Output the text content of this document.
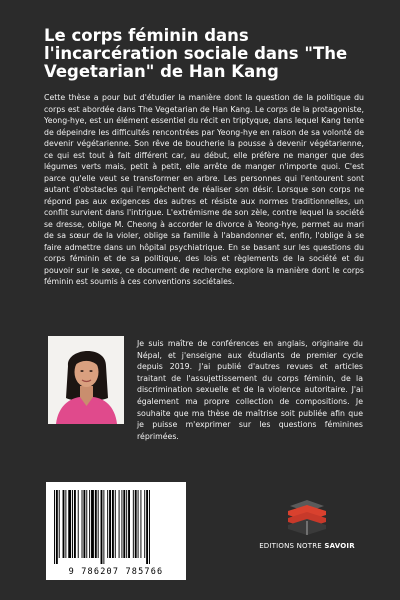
Le corps féminin dans l'incarcération sociale dans "The Vegetarian" de Han Kang

Cette thèse a pour but d'étudier la manière dont la question de la politique du corps est abordée dans The Vegetarian de Han Kang. Le corps de la protagoniste, Yeong-hye, est un élément essentiel du récit en triptyque, dans lequel Kang tente de dépeindre les difficultés rencontrées par Yeong-hye en raison de sa volonté de devenir végétarienne. Son rêve de boucherie la pousse à devenir végétarienne, ce qui est tout à fait différent car, au début, elle préfère ne manger que des légumes verts mais, petit à petit, elle arrête de manger n'importe quoi. C'est parce qu'elle veut se transformer en arbre. Les personnes qui l'entourent sont autant d'obstacles qui l'empêchent de réaliser son désir. Lorsque son corps ne répond pas aux exigences des autres et résiste aux normes traditionnelles, un conflit survient dans l'intrigue. L'extrémisme de son zèle, contre lequel la société se dresse, oblige M. Cheong à accorder le divorce à Yeong-hye, permet au mari de sa sœur de la violer, oblige sa famille à l'abandonner et, enfin, l'oblige à se faire admettre dans un hôpital psychiatrique. En se basant sur les questions du corps féminin et de sa politique, des lois et règlements de la société et du pouvoir sur le sexe, ce document de recherche explore la manière dont le corps féminin est soumis à ces conventions sociétales.

Je suis maître de conférences en anglais, originaire du Népal, et j'enseigne aux étudiants de premier cycle depuis 2019. J'ai publié d'autres revues et articles traitant de l'assujettissement du corps féminin, de la discrimination sexuelle et de la violence autoritaire. J'ai également ma propre collection de compositions. Je souhaite que ma thèse de maîtrise soit publiée afin que je puisse m'exprimer sur les questions féminines réprimées.

9 786207 785766
EDITIONS NOTRE SAVOIR
